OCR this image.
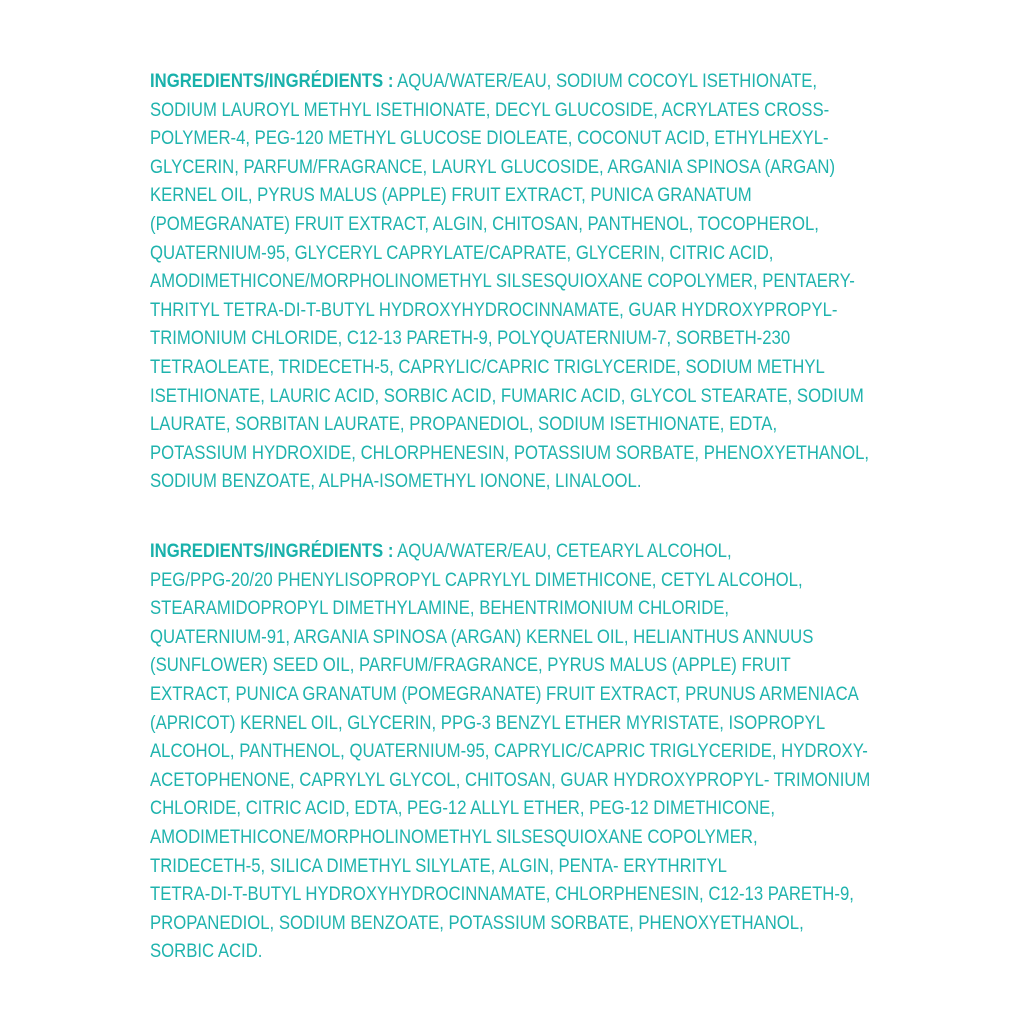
INGREDIENTS/INGRÉDIENTS : AQUA/WATER/EAU, SODIUM COCOYL ISETHIONATE,
SODIUM LAUROYL METHYL ISETHIONATE, DECYL GLUCOSIDE, ACRYLATES CROSS-
POLYMER-4, PEG-120 METHYL GLUCOSE DIOLEATE, COCONUT ACID, ETHYLHEXYL-
GLYCERIN, PARFUM/FRAGRANCE, LAURYL GLUCOSIDE, ARGANIA SPINOSA (ARGAN)
KERNEL OIL, PYRUS MALUS (APPLE) FRUIT EXTRACT, PUNICA GRANATUM
(POMEGRANATE) FRUIT EXTRACT, ALGIN, CHITOSAN, PANTHENOL, TOCOPHEROL,
QUATERNIUM-95, GLYCERYL CAPRYLATE/CAPRATE, GLYCERIN, CITRIC ACID,
AMODIMETHICONE/MORPHOLINOMETHYL SILSESQUIOXANE COPOLYMER, PENTAERY-
THRITYL TETRA-DI-T-BUTYL HYDROXYHYDROCINNAMATE, GUAR HYDROXYPROPYL-
TRIMONIUM CHLORIDE, C12-13 PARETH-9, POLYQUATERNIUM-7, SORBETH-230
TETRAOLEATE, TRIDECETH-5, CAPRYLIC/CAPRIC TRIGLYCERIDE, SODIUM METHYL
ISETHIONATE, LAURIC ACID, SORBIC ACID, FUMARIC ACID, GLYCOL STEARATE, SODIUM
LAURATE, SORBITAN LAURATE, PROPANEDIOL, SODIUM ISETHIONATE, EDTA,
POTASSIUM HYDROXIDE, CHLORPHENESIN, POTASSIUM SORBATE, PHENOXYETHANOL,
SODIUM BENZOATE, ALPHA-ISOMETHYL IONONE, LINALOOL.
INGREDIENTS/INGRÉDIENTS : AQUA/WATER/EAU, CETEARYL ALCOHOL,
PEG/PPG-20/20 PHENYLISOPROPYL CAPRYLYL DIMETHICONE, CETYL ALCOHOL,
STEARAMIDOPROPYL DIMETHYLAMINE, BEHENTRIMONIUM CHLORIDE,
QUATERNIUM-91, ARGANIA SPINOSA (ARGAN) KERNEL OIL, HELIANTHUS ANNUUS
(SUNFLOWER) SEED OIL, PARFUM/FRAGRANCE, PYRUS MALUS (APPLE) FRUIT
EXTRACT, PUNICA GRANATUM (POMEGRANATE) FRUIT EXTRACT, PRUNUS ARMENIACA
(APRICOT) KERNEL OIL, GLYCERIN, PPG-3 BENZYL ETHER MYRISTATE, ISOPROPYL
ALCOHOL, PANTHENOL, QUATERNIUM-95, CAPRYLIC/CAPRIC TRIGLYCERIDE, HYDROXY-
ACETOPHENONE, CAPRYLYL GLYCOL, CHITOSAN, GUAR HYDROXYPROPYL- TRIMONIUM
CHLORIDE, CITRIC ACID, EDTA, PEG-12 ALLYL ETHER, PEG-12 DIMETHICONE,
AMODIMETHICONE/MORPHOLINOMETHYL SILSESQUIOXANE COPOLYMER,
TRIDECETH-5, SILICA DIMETHYL SILYLATE, ALGIN, PENTA- ERYTHRITYL
TETRA-DI-T-BUTYL HYDROXYHYDROCINNAMATE, CHLORPHENESIN, C12-13 PARETH-9,
PROPANEDIOL, SODIUM BENZOATE, POTASSIUM SORBATE, PHENOXYETHANOL,
SORBIC ACID.
